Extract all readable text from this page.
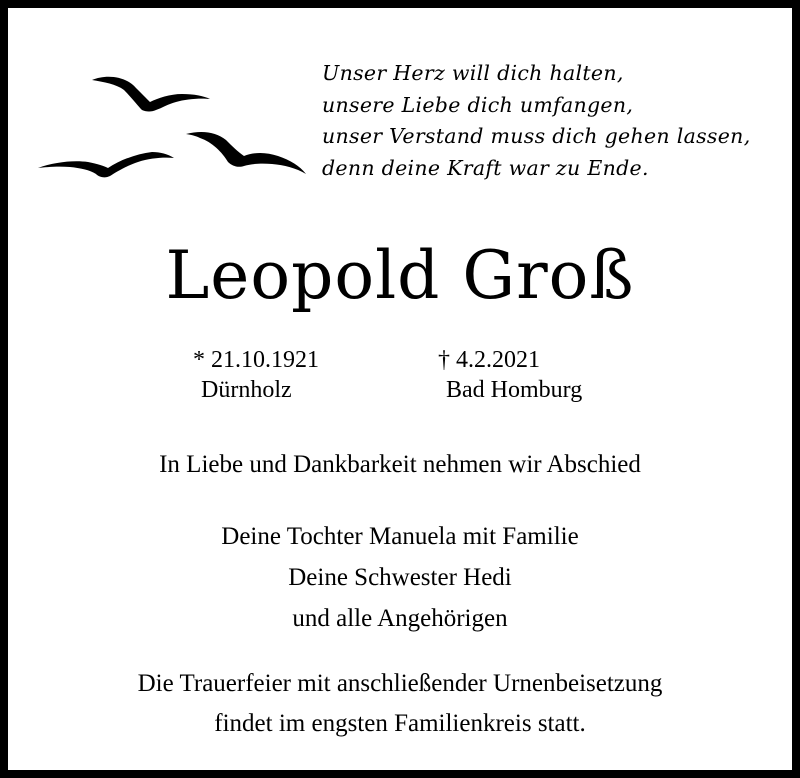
Unser Herz will dich halten,
unsere Liebe dich umfangen,
unser Verstand muss dich gehen lassen,
denn deine Kraft war zu Ende.
Leopold Groß
* 21.10.1921
Dürnholz
† 4.2.2021
Bad Homburg
In Liebe und Dankbarkeit nehmen wir Abschied
Deine Tochter Manuela mit Familie
Deine Schwester Hedi
und alle Angehörigen
Die Trauerfeier mit anschließender Urnenbeisetzung
findet im engsten Familienkreis statt.
